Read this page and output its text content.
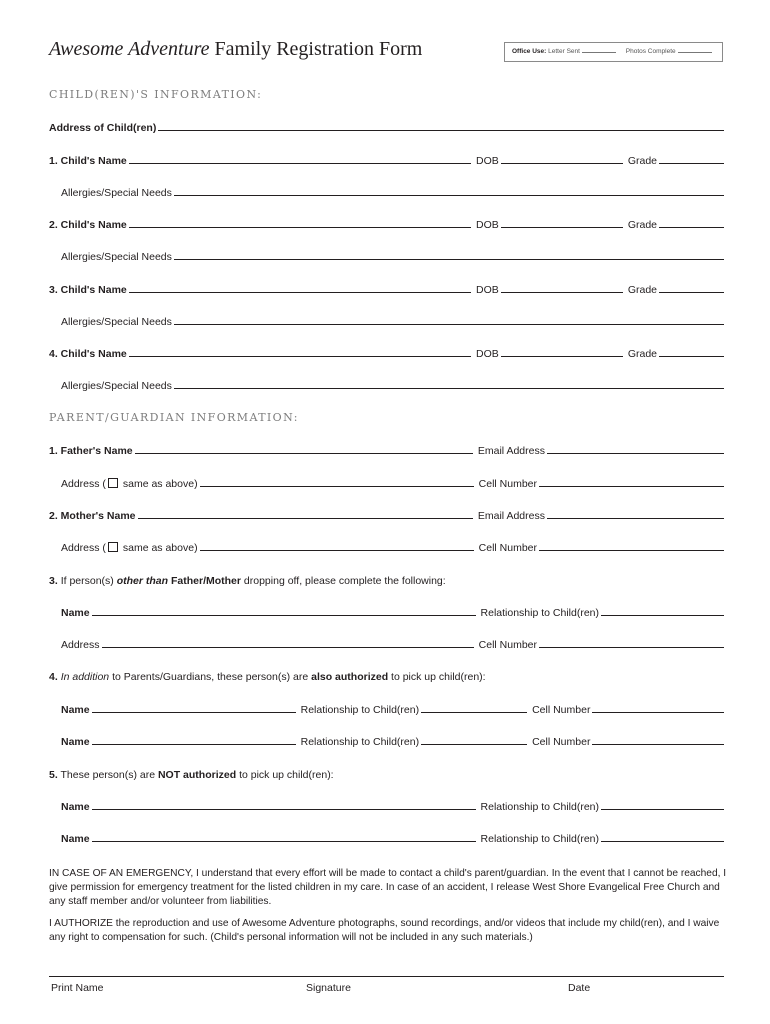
Awesome Adventure Family Registration Form	Office Use: Letter Sent	Photos Complete
CHILD(REN)'S INFORMATION:
Address of Child(ren)
1. Child's Name	DOB	Grade
Allergies/Special Needs
2. Child's Name	DOB	Grade
Allergies/Special Needs
3. Child's Name	DOB	Grade
Allergies/Special Needs
4. Child's Name	DOB	Grade
Allergies/Special Needs
PARENT/GUARDIAN INFORMATION:
1. Father's Name	Email Address
Address ( same as above)	Cell Number
2. Mother's Name	Email Address
Address ( same as above)	Cell Number
3. If person(s) other than Father/Mother dropping off, please complete the following:
Name	Relationship to Child(ren)
Address	Cell Number
4. In addition to Parents/Guardians, these person(s) are also authorized to pick up child(ren):
Name	Relationship to Child(ren)	Cell Number
Name	Relationship to Child(ren)	Cell Number
5. These person(s) are NOT authorized to pick up child(ren):
Name	Relationship to Child(ren)
Name	Relationship to Child(ren)
IN CASE OF AN EMERGENCY, I understand that every effort will be made to contact a child's parent/guardian. In the event that I cannot be reached, I give permission for emergency treatment for the listed children in my care. In case of an accident, I release West Shore Evangelical Free Church and any staff member and/or volunteer from liabilities.
I AUTHORIZE the reproduction and use of Awesome Adventure photographs, sound recordings, and/or videos that include my child(ren), and I waive any right to compensation for such. (Child's personal information will not be included in any such materials.)
Print Name	Signature	Date
